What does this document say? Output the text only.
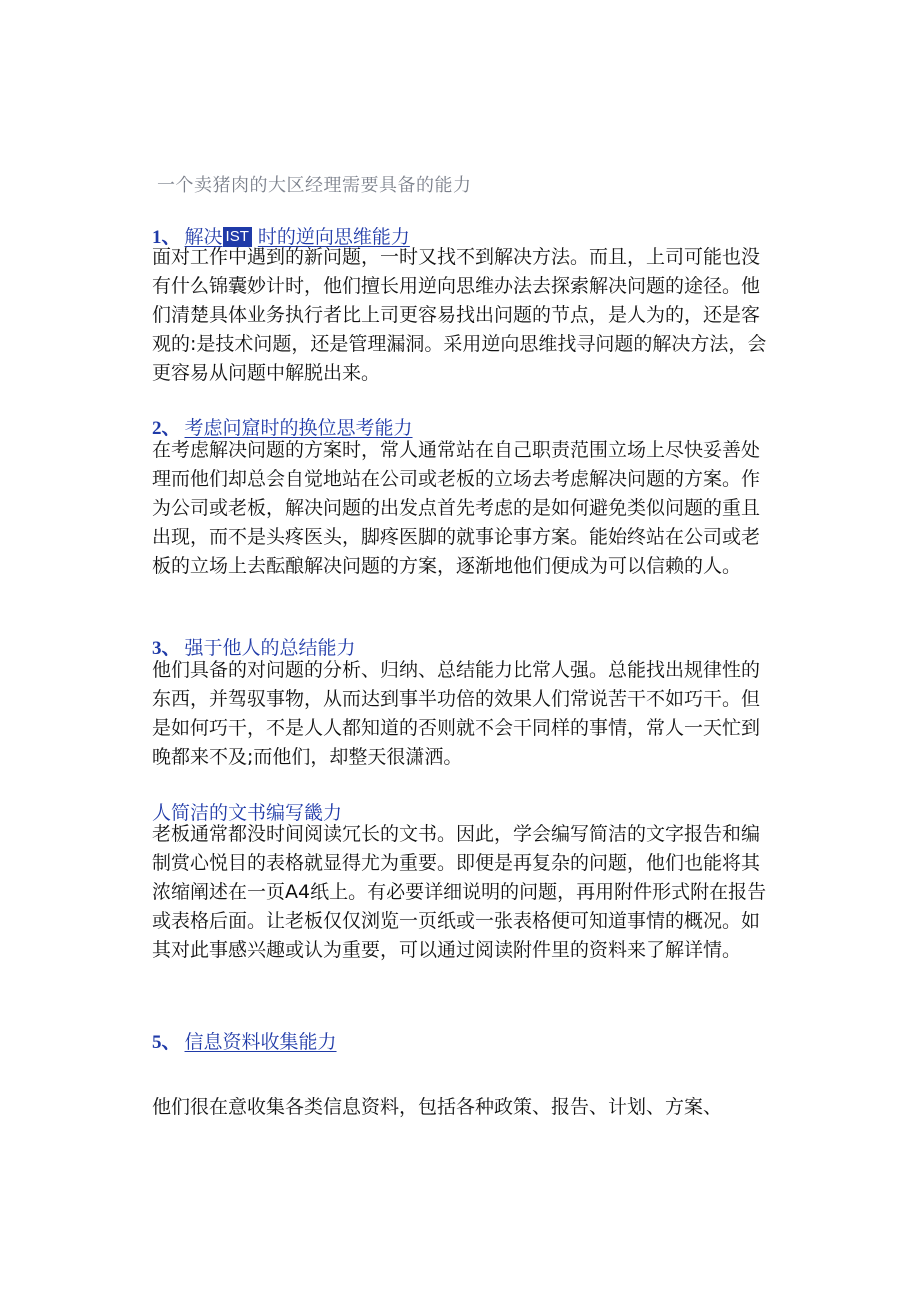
一个卖猪肉的大区经理需要具备的能力
1、 解决 IST 时的逆向思维能力

面对工作中遇到的新问题，一时又找不到解决方法。而且，上司可能也没有什么锦囊妙计时，他们擅长用逆向思维办法去探索解决问题的途径。他们清楚具体业务执行者比上司更容易找出问题的节点，是人为的，还是客观的:是技术问题，还是管理漏洞。采用逆向思维找寻问题的解决方法，会更容易从问题中解脱出来。

2、 考虑问窟时的换位思考能力

在考虑解决问题的方案时，常人通常站在自己职责范围立场上尽快妥善处理而他们却总会自觉地站在公司或老板的立场去考虑解决问题的方案。作为公司或老板，解决问题的出发点首先考虑的是如何避免类似问题的重且出现，而不是头疼医头，脚疼医脚的就事论事方案。能始终站在公司或老板的立场上去酝酿解决问题的方案，逐渐地他们便成为可以信赖的人。

3、 强于他人的总结能力

他们具备的对问题的分析、归纳、总结能力比常人强。总能找出规律性的东西，并驾驭事物，从而达到事半功倍的效果人们常说苦干不如巧干。但是如何巧干，不是人人都知道的否则就不会干同样的事情，常人一天忙到晚都来不及;而他们，却整天很潇洒。

人简洁的文书编写畿力

老板通常都没时间阅读冗长的文书。因此，学会编写简洁的文字报告和编制赏心悦目的表格就显得尤为重要。即便是再复杂的问题，他们也能将其浓缩阐述在一页A4纸上。有必要详细说明的问题，再用附件形式附在报告或表格后面。让老板仅仅浏览一页纸或一张表格便可知道事情的概况。如其对此事感兴趣或认为重要，可以通过阅读附件里的资料来了解详情。

5、 信息资料收集能力

他们很在意收集各类信息资料，包括各种政策、报告、计划、方案、
